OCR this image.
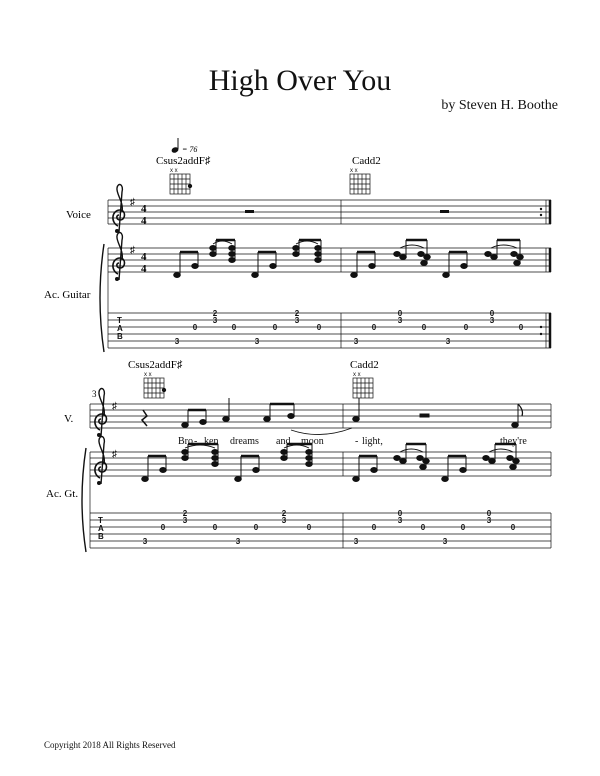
High Over You
by Steven H. Boothe
Copyright 2018 All Rights Reserved
= 76
Csus2addF♯	Cadd2
x x	x x
Voice
Ac. Guitar
♯
4
4
♯
4
4
T
A
B
3
0
2
3
0
3
0
2
3
0
3
0
0
3
0
3
0
0
3
0
Csus2addF♯	Cadd2
x x	x x
3
V.
Ac. Gt.
♯
Bro - ken dreams and moon	- light,	they're
♯
T
A
B
3
0
2
3
0
3
0
2
3
0
3
0
0
3
0
3
0
0
3
0
